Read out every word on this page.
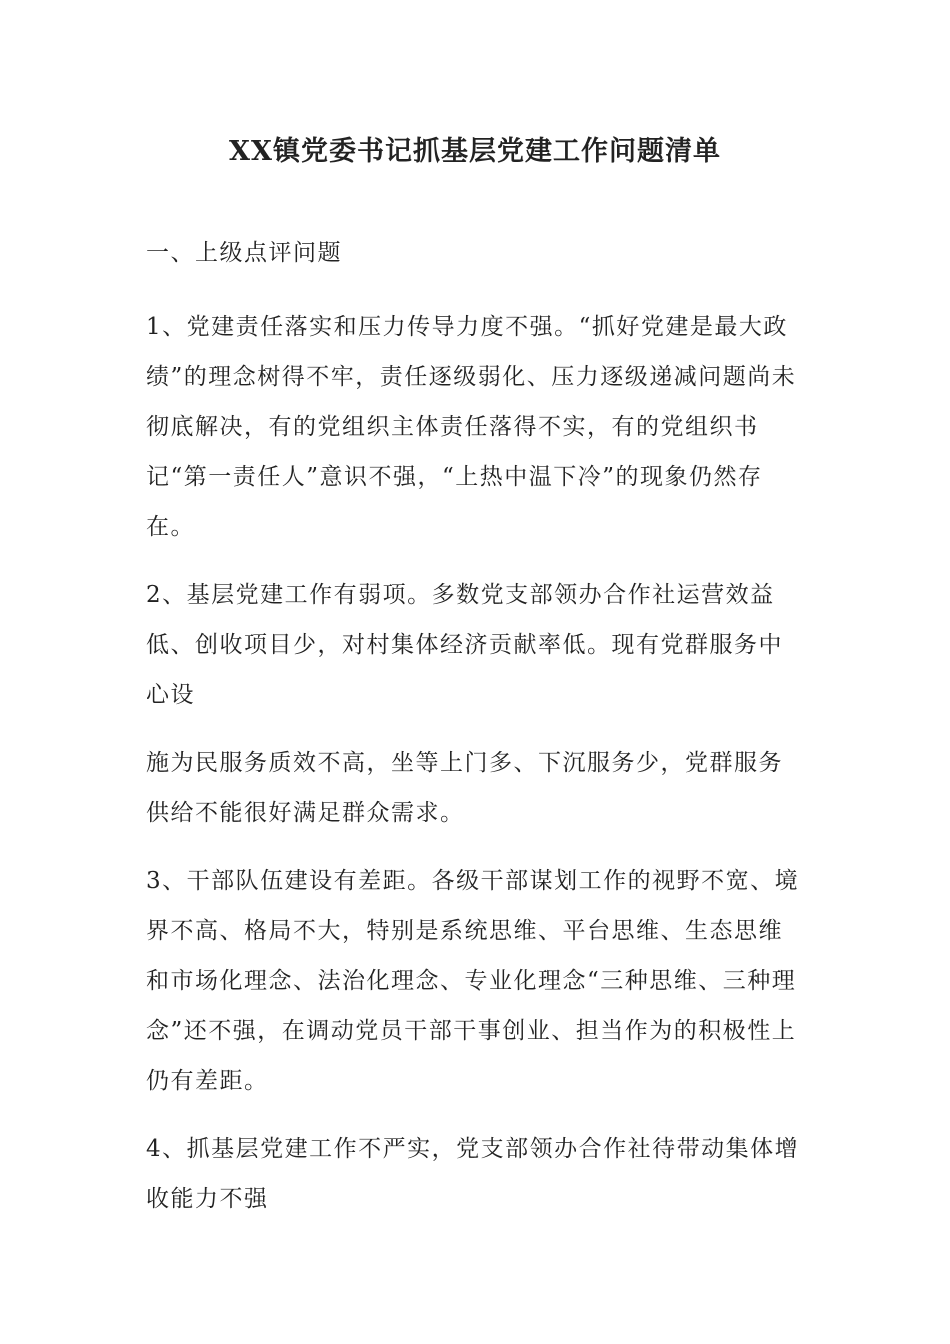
XX镇党委书记抓基层党建工作问题清单

一、上级点评问题

1、党建责任落实和压力传导力度不强。“抓好党建是最大政绩”的理念树得不牢，责任逐级弱化、压力逐级递减问题尚未彻底解决，有的党组织主体责任落得不实，有的党组织书记“第一责任人”意识不强，“上热中温下冷”的现象仍然存在。

2、基层党建工作有弱项。多数党支部领办合作社运营效益低、创收项目少，对村集体经济贡献率低。现有党群服务中心设

施为民服务质效不高，坐等上门多、下沉服务少，党群服务供给不能很好满足群众需求。

3、干部队伍建设有差距。各级干部谋划工作的视野不宽、境界不高、格局不大，特别是系统思维、平台思维、生态思维和市场化理念、法治化理念、专业化理念“三种思维、三种理念”还不强，在调动党员干部干事创业、担当作为的积极性上仍有差距。

4、抓基层党建工作不严实，党支部领办合作社待带动集体增收能力不强
